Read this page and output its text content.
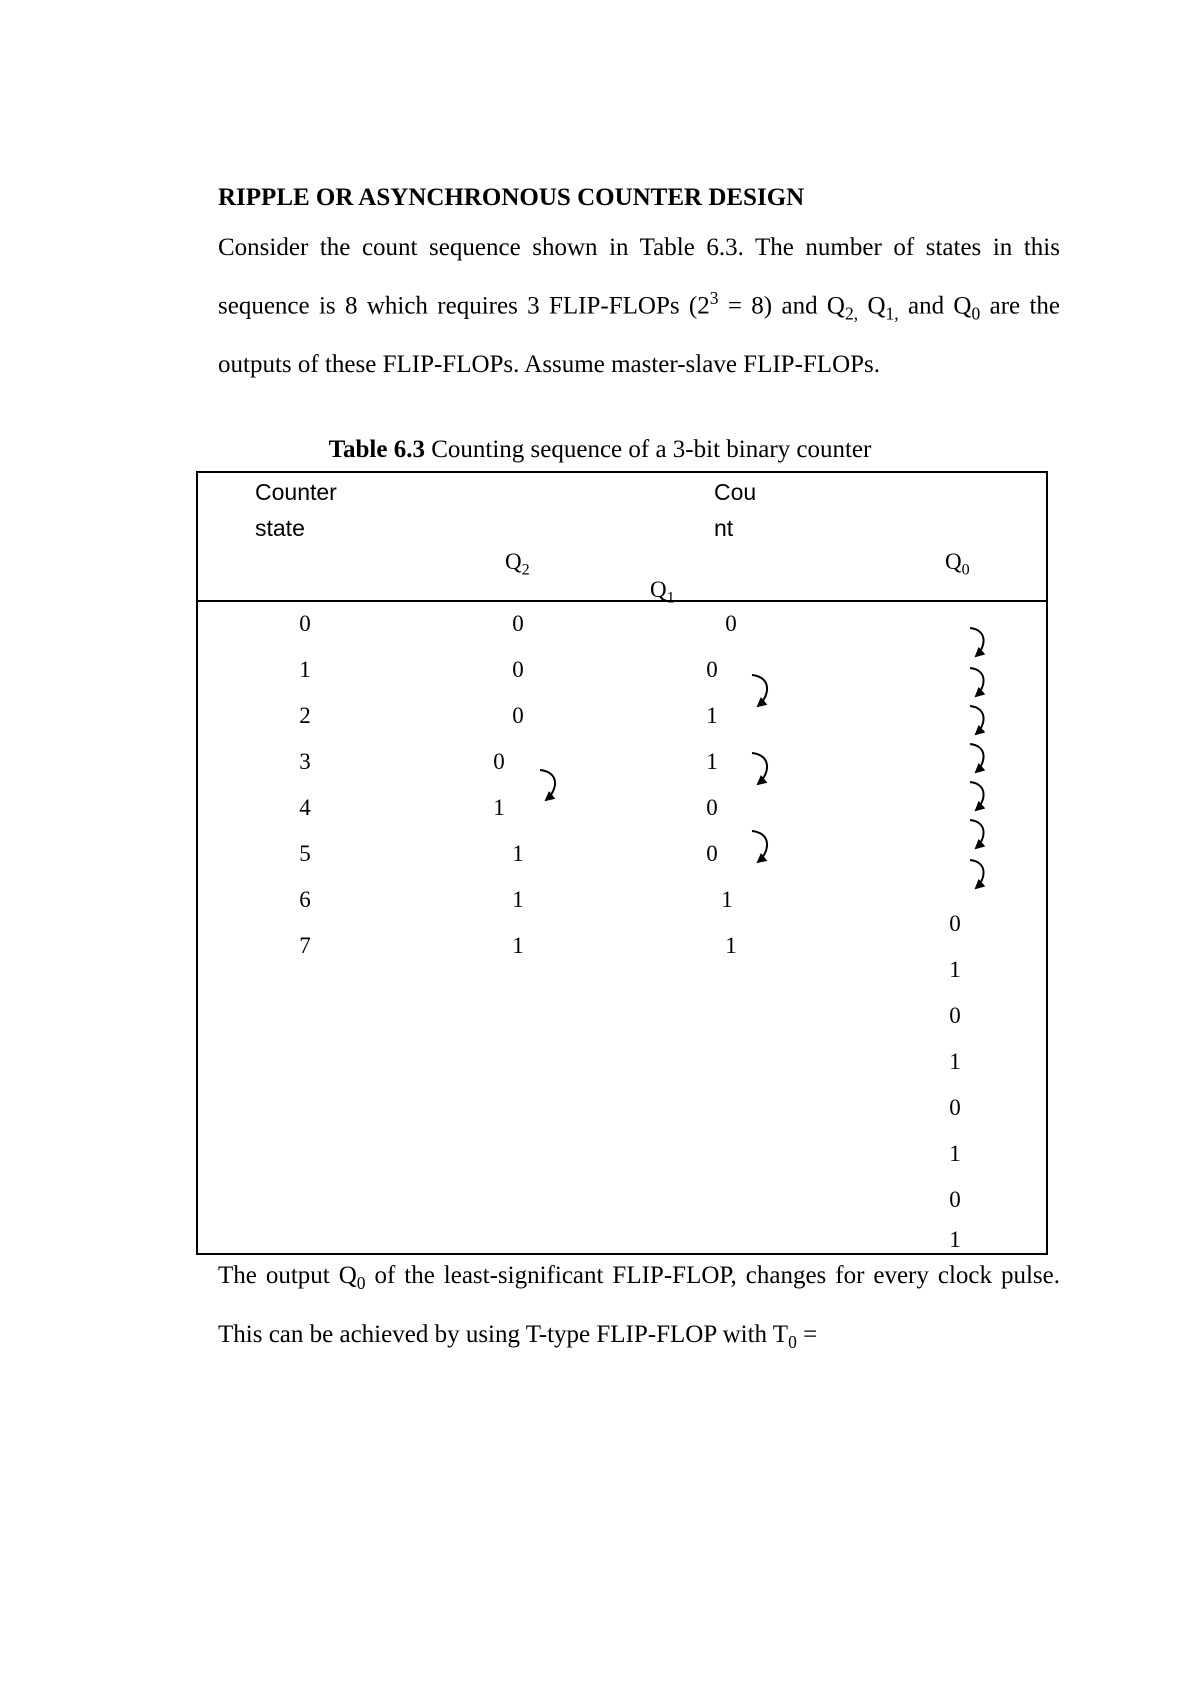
RIPPLE OR ASYNCHRONOUS COUNTER DESIGN
Consider the count sequence shown in Table 6.3. The number of states in this sequence is 8 which requires 3 FLIP-FLOPs $(2^3 = 8)$ and $Q_{2,}$ $Q_{1,}$ and $Q_0$ are the outputs of these FLIP-FLOPs. Assume master-slave FLIP-FLOPs.
Table 6.3 Counting sequence of a 3-bit binary counter
Counter
state
Cou
nt
$Q_2$
$Q_1$
$Q_0$
0
1
2
3
4
5
6
7
0
0
0
0
1
1
1
1
0
0
1
1
0
0
1
1
0
1
0
1
0
1
0
1
The output $Q_0$ of the least-significant FLIP-FLOP, changes for every clock pulse. This can be achieved by using T-type FLIP-FLOP with $T_0$ =
